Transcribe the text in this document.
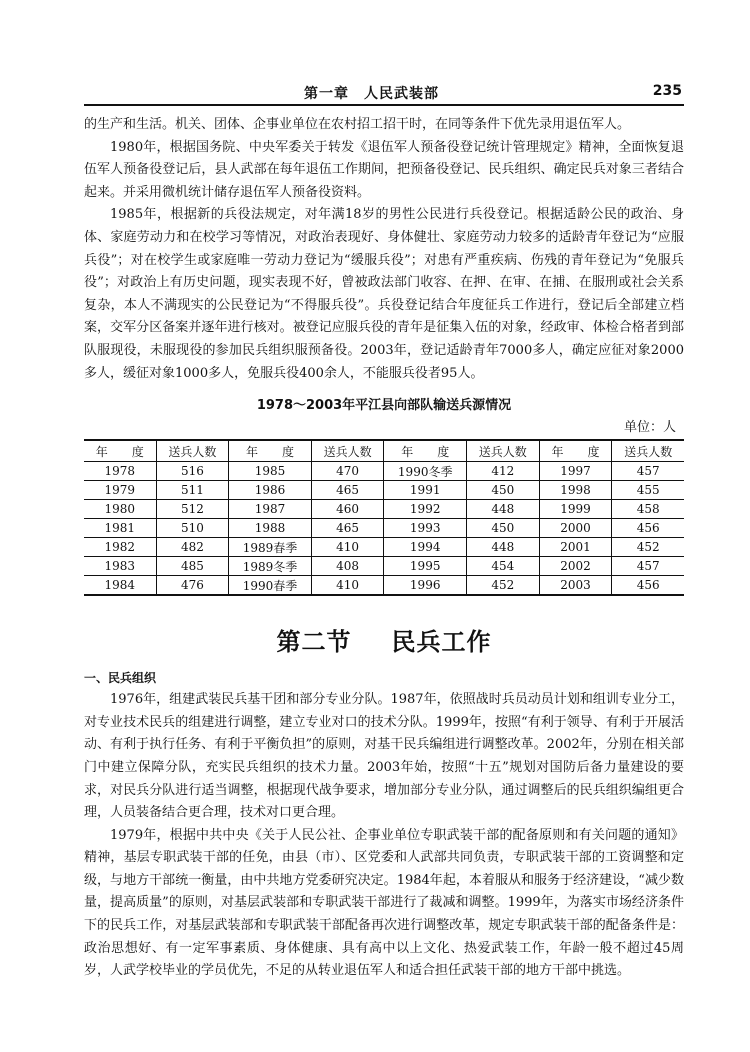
第一章　人民武装部	235

的生产和生活。机关、团体、企事业单位在农村招工招干时，在同等条件下优先录用退伍军人。

1980年，根据国务院、中央军委关于转发《退伍军人预备役登记统计管理规定》精神，全面恢复退伍军人预备役登记后，县人武部在每年退伍工作期间，把预备役登记、民兵组织、确定民兵对象三者结合起来。并采用微机统计储存退伍军人预备役资料。

1985年，根据新的兵役法规定，对年满18岁的男性公民进行兵役登记。根据适龄公民的政治、身体、家庭劳动力和在校学习等情况，对政治表现好、身体健壮、家庭劳动力较多的适龄青年登记为“应服兵役”；对在校学生或家庭唯一劳动力登记为“缓服兵役”；对患有严重疾病、伤残的青年登记为“免服兵役”；对政治上有历史问题，现实表现不好，曾被政法部门收容、在押、在审、在捕、在服刑或社会关系复杂，本人不满现实的公民登记为“不得服兵役”。兵役登记结合年度征兵工作进行，登记后全部建立档案，交军分区备案并逐年进行核对。被登记应服兵役的青年是征集入伍的对象，经政审、体检合格者到部队服现役，未服现役的参加民兵组织服预备役。2003年，登记适龄青年7000多人，确定应征对象2000多人，缓征对象1000多人，免服兵役400余人，不能服兵役者95人。

1978～2003年平江县向部队输送兵源情况
单位：人
年　　度	送兵人数	年　　度	送兵人数	年　　度	送兵人数	年　　度	送兵人数
1978	516	1985	470	1990冬季	412	1997	457
1979	511	1986	465	1991	450	1998	455
1980	512	1987	460	1992	448	1999	458
1981	510	1988	465	1993	450	2000	456
1982	482	1989春季	410	1994	448	2001	452
1983	485	1989冬季	408	1995	454	2002	457
1984	476	1990春季	410	1996	452	2003	456
第二节 民兵工作
一、民兵组织

1976年，组建武装民兵基干团和部分专业分队。1987年，依照战时兵员动员计划和组训专业分工，对专业技术民兵的组建进行调整，建立专业对口的技术分队。1999年，按照“有利于领导、有利于开展活动、有利于执行任务、有利于平衡负担”的原则，对基干民兵编组进行调整改革。2002年，分别在相关部门中建立保障分队，充实民兵组织的技术力量。2003年始，按照“十五”规划对国防后备力量建设的要求，对民兵分队进行适当调整，根据现代战争要求，增加部分专业分队，通过调整后的民兵组织编组更合理，人员装备结合更合理，技术对口更合理。

1979年，根据中共中央《关于人民公社、企事业单位专职武装干部的配备原则和有关问题的通知》精神，基层专职武装干部的任免，由县（市）、区党委和人武部共同负责，专职武装干部的工资调整和定级，与地方干部统一衡量，由中共地方党委研究决定。1984年起，本着服从和服务于经济建设，“减少数量，提高质量”的原则，对基层武装部和专职武装干部进行了裁减和调整。1999年，为落实市场经济条件下的民兵工作，对基层武装部和专职武装干部配备再次进行调整改革，规定专职武装干部的配备条件是：政治思想好、有一定军事素质、身体健康、具有高中以上文化、热爱武装工作，年龄一般不超过45周岁，人武学校毕业的学员优先，不足的从转业退伍军人和适合担任武装干部的地方干部中挑选。
